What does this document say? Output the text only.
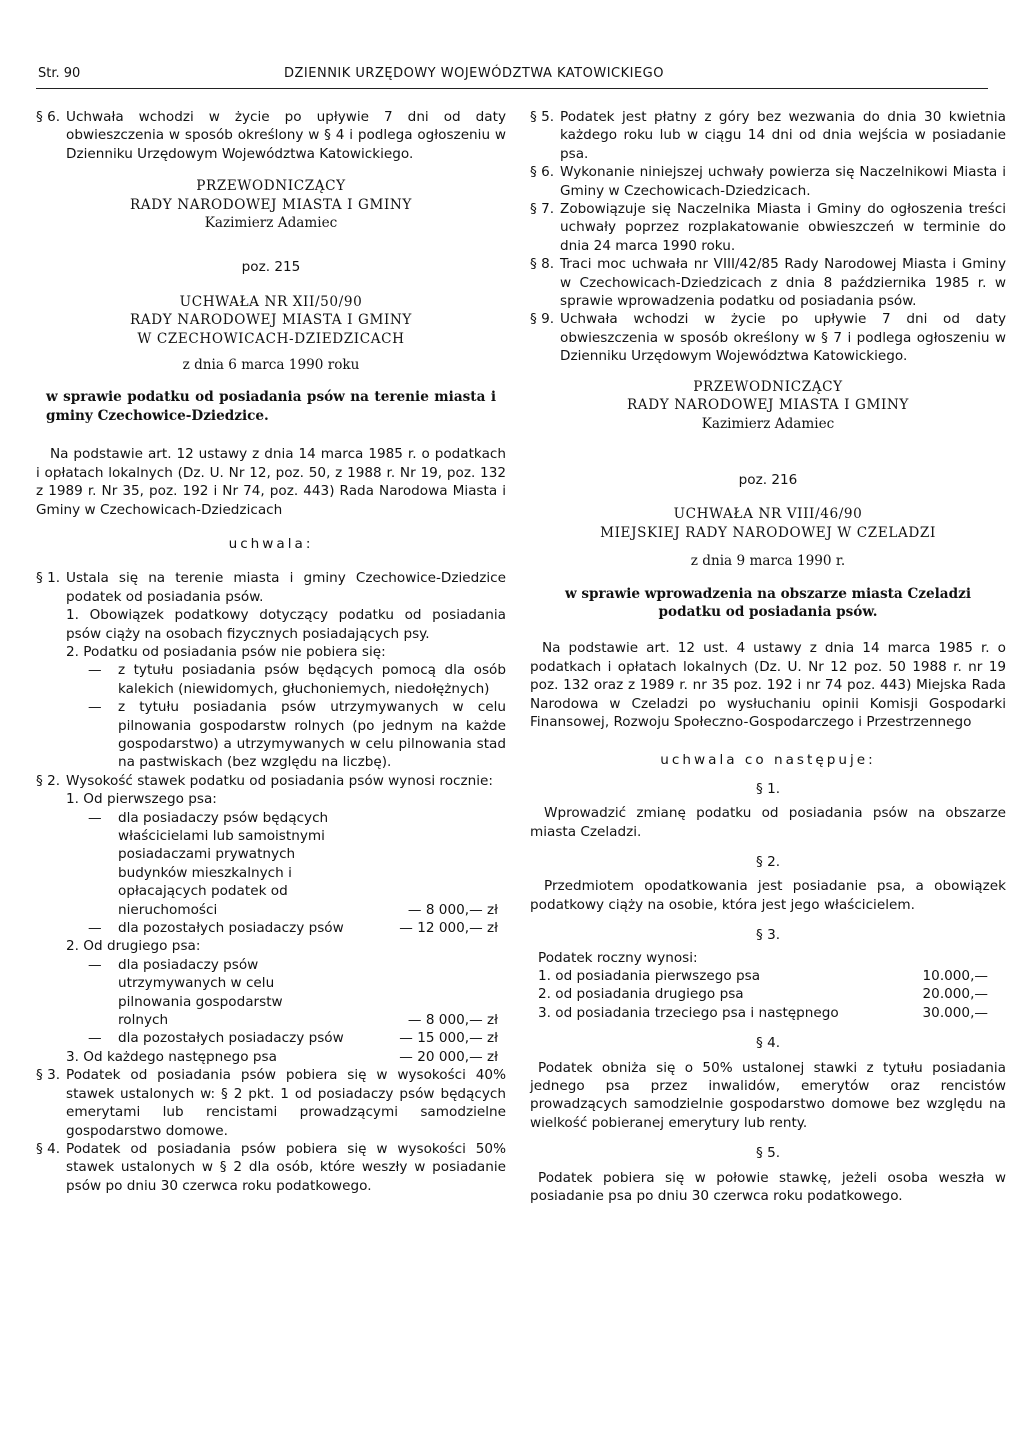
Str. 90	DZIENNIK URZĘDOWY WOJEWÓDZTWA KATOWICKIEGO

§ 6. Uchwała wchodzi w życie po upływie 7 dni od daty obwieszczenia w sposób określony w § 4 i podlega ogłoszeniu w Dzienniku Urzędowym Województwa Katowickiego.

PRZEWODNICZĄCY

RADY NARODOWEJ MIASTA I GMINY

Kazimierz Adamiec

poz. 215

UCHWAŁA NR XII/50/90

RADY NARODOWEJ MIASTA I GMINY

W CZECHOWICACH-DZIEDZICACH

z dnia 6 marca 1990 roku

w sprawie podatku od posiadania psów na terenie miasta i gminy Czechowice-Dziedzice.

Na podstawie art. 12 ustawy z dnia 14 marca 1985 r. o podatkach i opłatach lokalnych (Dz. U. Nr 12, poz. 50, z 1988 r. Nr 19, poz. 132 z 1989 r. Nr 35, poz. 192 i Nr 74, poz. 443) Rada Narodowa Miasta i Gminy w Czechowicach-Dziedzicach

uchwala:

§ 1. Ustala się na terenie miasta i gminy Czechowice-Dziedzice podatek od posiadania psów.

1. Obowiązek podatkowy dotyczący podatku od posiadania psów ciąży na osobach fizycznych posiadających psy.

2. Podatku od posiadania psów nie pobiera się:

— z tytułu posiadania psów będących pomocą dla osób kalekich (niewidomych, głuchoniemych, niedołężnych)

— z tytułu posiadania psów utrzymywanych w celu pilnowania gospodarstw rolnych (po jednym na każde gospodarstwo) a utrzymywanych w celu pilnowania stad na pastwiskach (bez względu na liczbę).

§ 2. Wysokość stawek podatku od posiadania psów wynosi rocznie:

1. Od pierwszego psa:

— dla posiadaczy psów będących właścicielami lub samoistnymi posiadaczami prywatnych budynków mieszkalnych i opłacających podatek od nieruchomości	— 8 000,— zł

— dla pozostałych posiadaczy psów	— 12 000,— zł

2. Od drugiego psa:

— dla posiadaczy psów utrzymywanych w celu pilnowania gospodarstw rolnych	— 8 000,— zł

— dla pozostałych posiadaczy psów	— 15 000,— zł

3. Od każdego następnego psa	— 20 000,— zł

§ 3. Podatek od posiadania psów pobiera się w wysokości 40% stawek ustalonych w: § 2 pkt. 1 od posiadaczy psów będących emerytami lub rencistami prowadzącymi samodzielne gospodarstwo domowe.

§ 4. Podatek od posiadania psów pobiera się w wysokości 50% stawek ustalonych w § 2 dla osób, które weszły w posiadanie psów po dniu 30 czerwca roku podatkowego.

§ 5. Podatek jest płatny z góry bez wezwania do dnia 30 kwietnia każdego roku lub w ciągu 14 dni od dnia wejścia w posiadanie psa.

§ 6. Wykonanie niniejszej uchwały powierza się Naczelnikowi Miasta i Gminy w Czechowicach-Dziedzicach.

§ 7. Zobowiązuje się Naczelnika Miasta i Gminy do ogłoszenia treści uchwały poprzez rozplakatowanie obwieszczeń w terminie do dnia 24 marca 1990 roku.

§ 8. Traci moc uchwała nr VIII/42/85 Rady Narodowej Miasta i Gminy w Czechowicach-Dziedzicach z dnia 8 października 1985 r. w sprawie wprowadzenia podatku od posiadania psów.

§ 9. Uchwała wchodzi w życie po upływie 7 dni od daty obwieszczenia w sposób określony w § 7 i podlega ogłoszeniu w Dzienniku Urzędowym Województwa Katowickiego.

PRZEWODNICZĄCY

RADY NARODOWEJ MIASTA I GMINY

Kazimierz Adamiec

poz. 216

UCHWAŁA NR VIII/46/90

MIEJSKIEJ RADY NARODOWEJ W CZELADZI

z dnia 9 marca 1990 r.

w sprawie wprowadzenia na obszarze miasta Czeladzi podatku od posiadania psów.

Na podstawie art. 12 ust. 4 ustawy z dnia 14 marca 1985 r. o podatkach i opłatach lokalnych (Dz. U. Nr 12 poz. 50 1988 r. nr 19 poz. 132 oraz z 1989 r. nr 35 poz. 192 i nr 74 poz. 443) Miejska Rada Narodowa w Czeladzi po wysłuchaniu opinii Komisji Gospodarki Finansowej, Rozwoju Społeczno-Gospodarczego i Przestrzennego

uchwala co następuje:

§ 1.

Wprowadzić zmianę podatku od posiadania psów na obszarze miasta Czeladzi.

§ 2.

Przedmiotem opodatkowania jest posiadanie psa, a obowiązek podatkowy ciąży na osobie, która jest jego właścicielem.

§ 3.

Podatek roczny wynosi:

1. od posiadania pierwszego psa	10.000,—
2. od posiadania drugiego psa	20.000,—
3. od posiadania trzeciego psa i następnego	30.000,—

§ 4.

Podatek obniża się o 50% ustalonej stawki z tytułu posiadania jednego psa przez inwalidów, emerytów oraz rencistów prowadzących samodzielnie gospodarstwo domowe bez względu na wielkość pobieranej emerytury lub renty.

§ 5.

Podatek pobiera się w połowie stawkę, jeżeli osoba weszła w posiadanie psa po dniu 30 czerwca roku podatkowego.
